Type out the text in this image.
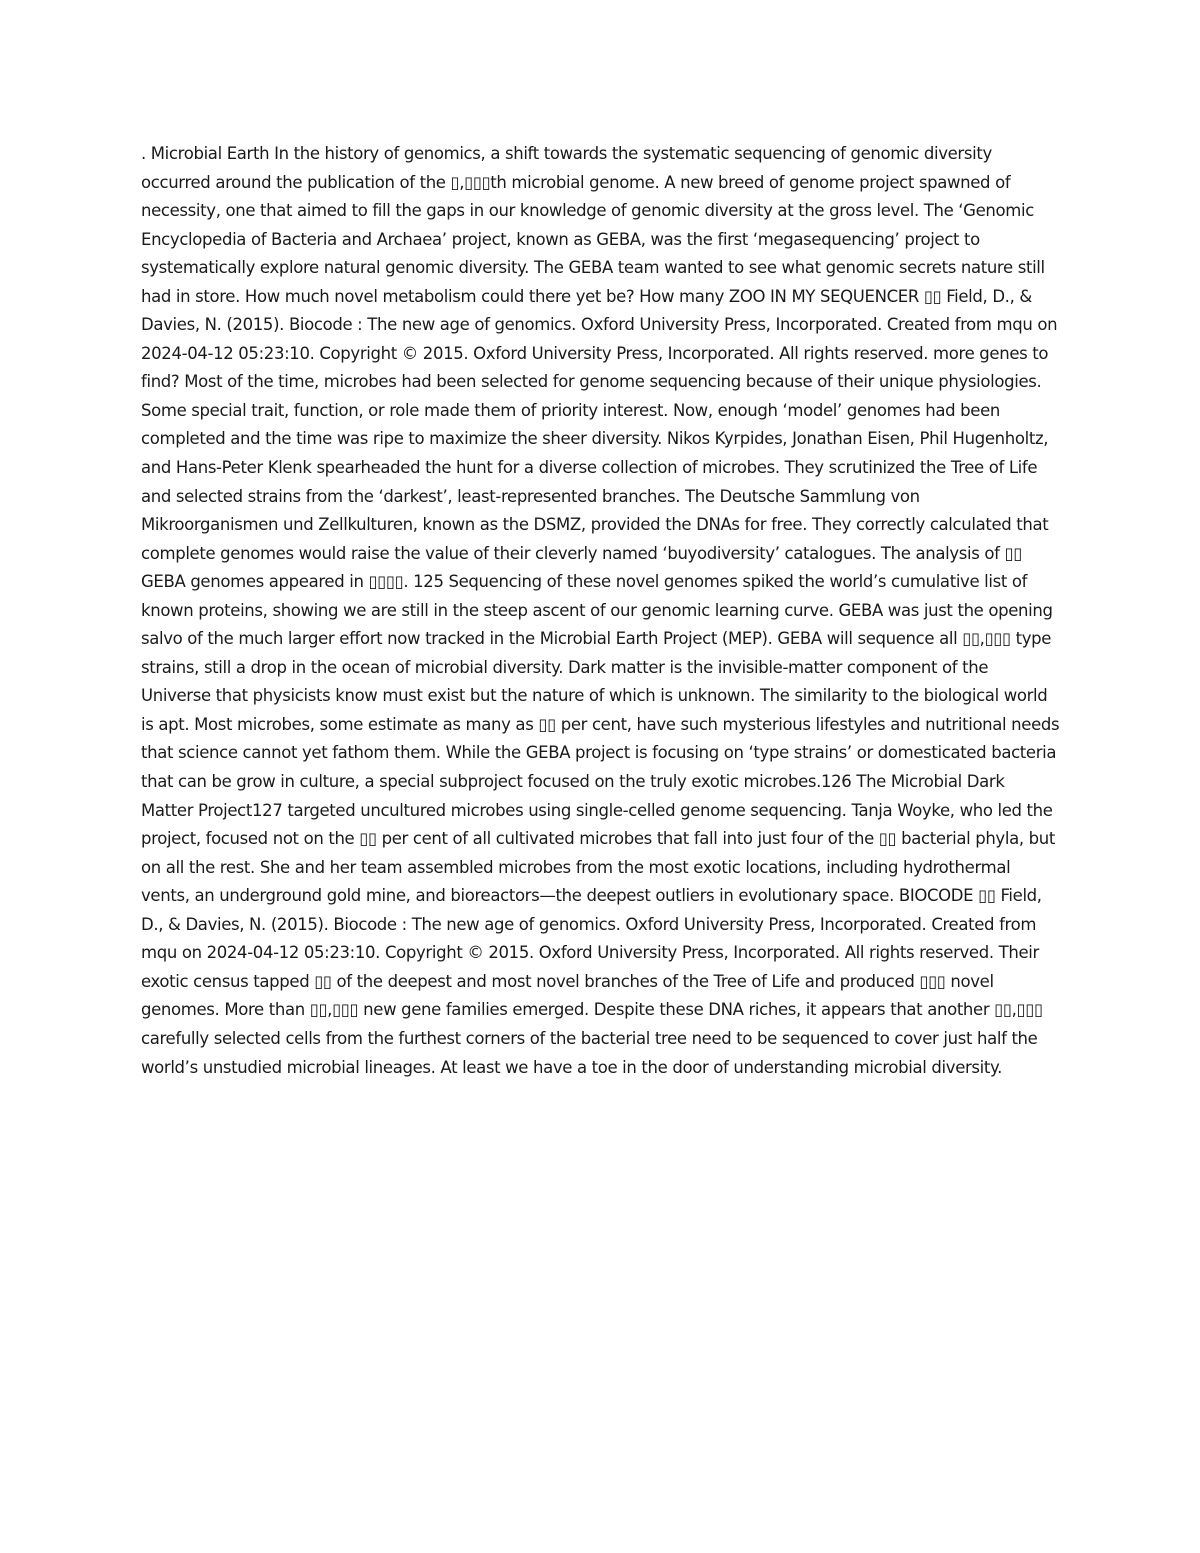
. Microbial Earth In the history of genomics, a shift towards the systematic sequencing of genomic diversity occurred around the publication of the ▯,▯▯▯th microbial genome. A new breed of genome project spawned of necessity, one that aimed to fill the gaps in our knowledge of genomic diversity at the gross level. The ‘Genomic Encyclopedia of Bacteria and Archaea’ project, known as GEBA, was the first ‘megasequencing’ project to systematically explore natural genomic diversity. The GEBA team wanted to see what genomic secrets nature still had in store. How much novel metabolism could there yet be? How many ZOO IN MY SEQUENCER ▯▯ Field, D., & Davies, N. (2015). Biocode : The new age of genomics. Oxford University Press, Incorporated. Created from mqu on 2024-04-12 05:23:10. Copyright © 2015. Oxford University Press, Incorporated. All rights reserved. more genes to find? Most of the time, microbes had been selected for genome sequencing because of their unique physiologies. Some special trait, function, or role made them of priority interest. Now, enough ‘model’ genomes had been completed and the time was ripe to maximize the sheer diversity. Nikos Kyrpides, Jonathan Eisen, Phil Hugenholtz, and Hans-Peter Klenk spearheaded the hunt for a diverse collection of microbes. They scrutinized the Tree of Life and selected strains from the ‘darkest’, least-represented branches. The Deutsche Sammlung von Mikroorganismen und Zellkulturen, known as the DSMZ, provided the DNAs for free. They correctly calculated that complete genomes would raise the value of their cleverly named ‘buyodiversity’ catalogues. The analysis of ▯▯ GEBA genomes appeared in ▯▯▯▯. 125 Sequencing of these novel genomes spiked the world’s cumulative list of known proteins, showing we are still in the steep ascent of our genomic learning curve. GEBA was just the opening salvo of the much larger effort now tracked in the Microbial Earth Project (MEP). GEBA will sequence all ▯▯,▯▯▯ type strains, still a drop in the ocean of microbial diversity. Dark matter is the invisible-matter component of the Universe that physicists know must exist but the nature of which is unknown. The similarity to the biological world is apt. Most microbes, some estimate as many as ▯▯ per cent, have such mysterious lifestyles and nutritional needs that science cannot yet fathom them. While the GEBA project is focusing on ‘type strains’ or domesticated bacteria that can be grow in culture, a special subproject focused on the truly exotic microbes.126 The Microbial Dark Matter Project127 targeted uncultured microbes using single-celled genome sequencing. Tanja Woyke, who led the project, focused not on the ▯▯ per cent of all cultivated microbes that fall into just four of the ▯▯ bacterial phyla, but on all the rest. She and her team assembled microbes from the most exotic locations, including hydrothermal vents, an underground gold mine, and bioreactors—the deepest outliers in evolutionary space. BIOCODE ▯▯ Field, D., & Davies, N. (2015). Biocode : The new age of genomics. Oxford University Press, Incorporated. Created from mqu on 2024-04-12 05:23:10. Copyright © 2015. Oxford University Press, Incorporated. All rights reserved. Their exotic census tapped ▯▯ of the deepest and most novel branches of the Tree of Life and produced ▯▯▯ novel genomes. More than ▯▯,▯▯▯ new gene families emerged. Despite these DNA riches, it appears that another ▯▯,▯▯▯ carefully selected cells from the furthest corners of the bacterial tree need to be sequenced to cover just half the world’s unstudied microbial lineages. At least we have a toe in the door of understanding microbial diversity.
